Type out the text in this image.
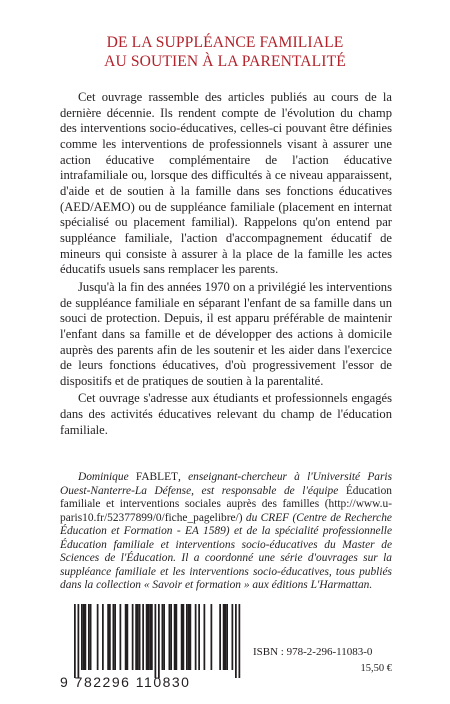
DE LA SUPPLÉANCE FAMILIALE
AU SOUTIEN À LA PARENTALITÉ

Cet ouvrage rassemble des articles publiés au cours de la dernière décennie. Ils rendent compte de l'évolution du champ des interventions socio-éducatives, celles-ci pouvant être définies comme les interventions de professionnels visant à assurer une action éducative complémentaire de l'action éducative intrafamiliale ou, lorsque des difficultés à ce niveau apparaissent, d'aide et de soutien à la famille dans ses fonctions éducatives (AED/AEMO) ou de suppléance familiale (placement en internat spécialisé ou placement familial). Rappelons qu'on entend par suppléance familiale, l'action d'accompagnement éducatif de mineurs qui consiste à assurer à la place de la famille les actes éducatifs usuels sans remplacer les parents.

Jusqu'à la fin des années 1970 on a privilégié les interventions de suppléance familiale en séparant l'enfant de sa famille dans un souci de protection. Depuis, il est apparu préférable de maintenir l'enfant dans sa famille et de développer des actions à domicile auprès des parents afin de les soutenir et les aider dans l'exercice de leurs fonctions éducatives, d'où progressivement l'essor de dispositifs et de pratiques de soutien à la parentalité.

Cet ouvrage s'adresse aux étudiants et professionnels engagés dans des activités éducatives relevant du champ de l'éducation familiale.

Dominique FABLET, enseignant-chercheur à l'Université Paris Ouest-Nanterre-La Défense, est responsable de l'équipe Éducation familiale et interventions sociales auprès des familles (http://www.u-paris10.fr/52377899/0/fiche_pagelibre/) du CREF (Centre de Recherche Éducation et Formation - EA 1589) et de la spécialité professionnelle Éducation familiale et interventions socio-éducatives du Master de Sciences de l'Éducation. Il a coordonné une série d'ouvrages sur la suppléance familiale et les interventions socio-éducatives, tous publiés dans la collection « Savoir et formation » aux éditions L'Harmattan.

9 782296 110830
ISBN : 978-2-296-11083-0
15,50 €
